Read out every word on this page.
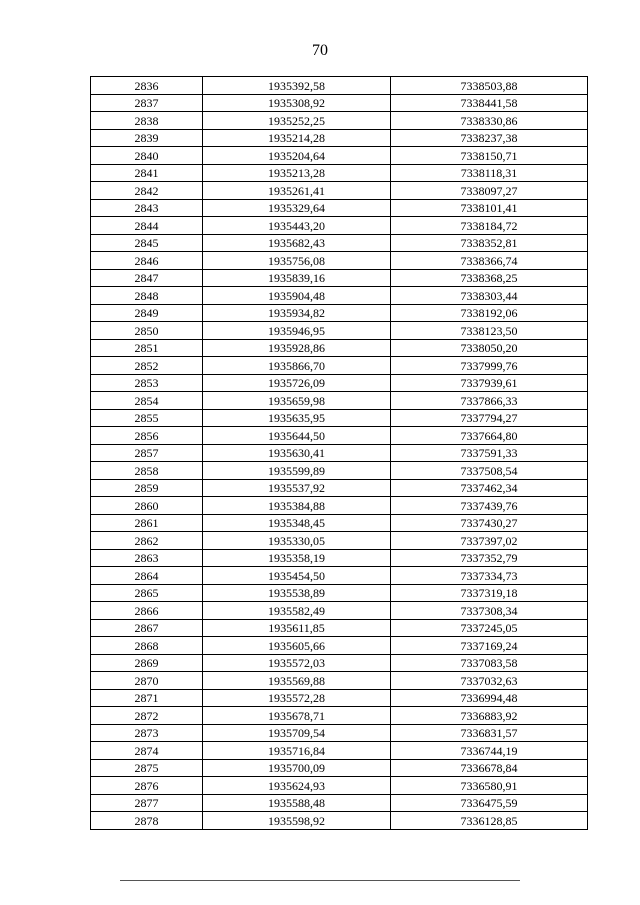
70
2836	1935392,58	7338503,88
2837	1935308,92	7338441,58
2838	1935252,25	7338330,86
2839	1935214,28	7338237,38
2840	1935204,64	7338150,71
2841	1935213,28	7338118,31
2842	1935261,41	7338097,27
2843	1935329,64	7338101,41
2844	1935443,20	7338184,72
2845	1935682,43	7338352,81
2846	1935756,08	7338366,74
2847	1935839,16	7338368,25
2848	1935904,48	7338303,44
2849	1935934,82	7338192,06
2850	1935946,95	7338123,50
2851	1935928,86	7338050,20
2852	1935866,70	7337999,76
2853	1935726,09	7337939,61
2854	1935659,98	7337866,33
2855	1935635,95	7337794,27
2856	1935644,50	7337664,80
2857	1935630,41	7337591,33
2858	1935599,89	7337508,54
2859	1935537,92	7337462,34
2860	1935384,88	7337439,76
2861	1935348,45	7337430,27
2862	1935330,05	7337397,02
2863	1935358,19	7337352,79
2864	1935454,50	7337334,73
2865	1935538,89	7337319,18
2866	1935582,49	7337308,34
2867	1935611,85	7337245,05
2868	1935605,66	7337169,24
2869	1935572,03	7337083,58
2870	1935569,88	7337032,63
2871	1935572,28	7336994,48
2872	1935678,71	7336883,92
2873	1935709,54	7336831,57
2874	1935716,84	7336744,19
2875	1935700,09	7336678,84
2876	1935624,93	7336580,91
2877	1935588,48	7336475,59
2878	1935598,92	7336128,85
